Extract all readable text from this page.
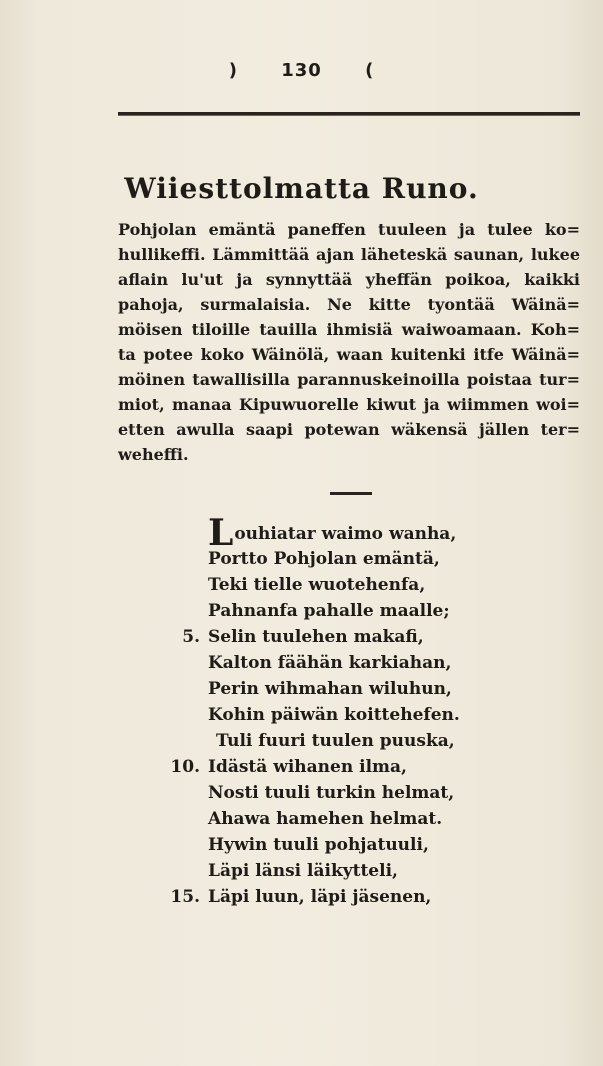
) 130 (
Wiiesttolmatta Runo.

Pohjolan emäntä paneffen tuuleen ja tulee ko= hullikeffi. Lämmittää ajan läheteskä saunan, lukee aflain lu'ut ja synnyttää yheffän poikoa, kaikki pahoja, surmalaisia. Ne kitte tyontää Wäinä= möisen tiloille tauilla ihmisiä waiwoamaan. Koh= ta potee koko Wäinölä, waan kuitenki itfe Wäinä= möinen tawallisilla parannuskeinoilla poistaa tur= miot, manaa Kipuwuorelle kiwut ja wiimmen woi= etten awulla saapi potewan wäkensä jällen ter= weheffi.

Louhiatar waimo wanha,
Portto Pohjolan emäntä,
Teki tielle wuotehenfa,
Pahnanfa pahalle maalle;
5. Selin tuulehen makafi,
Kalton fäähän karkiahan,
Perin wihmahan wiluhun,
Kohin päiwän koittehefen.
Tuli fuuri tuulen puuska,
10. Idästä wihanen ilma,
Nosti tuuli turkin helmat,
Ahawa hamehen helmat.
Hywin tuuli pohjatuuli,
Läpi länsi läikytteli,
15. Läpi luun, läpi jäsenen,
